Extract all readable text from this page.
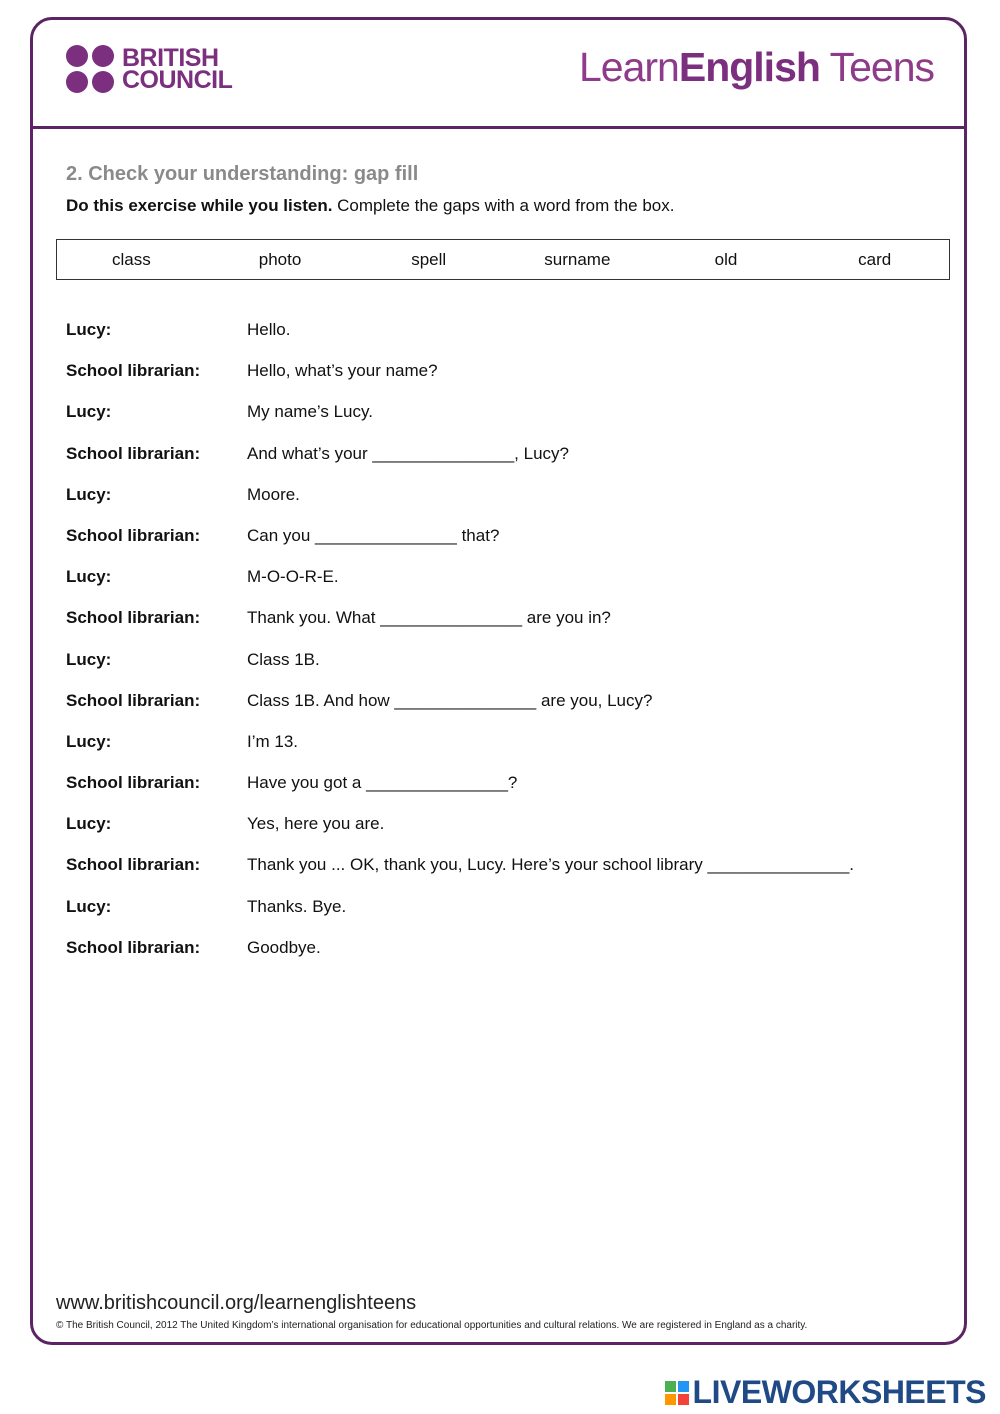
BRITISH
COUNCIL	LearnEnglish Teens
2. Check your understanding: gap fill
Do this exercise while you listen. Complete the gaps with a word from the box.
class	photo	spell	surname	old	card
Lucy:	Hello.
School librarian:	Hello, what’s your name?
Lucy:	My name’s Lucy.
School librarian:	And what’s your _______________, Lucy?
Lucy:	Moore.
School librarian:	Can you _______________ that?
Lucy:	M-O-O-R-E.
School librarian:	Thank you. What _______________ are you in?
Lucy:	Class 1B.
School librarian:	Class 1B. And how _______________ are you, Lucy?
Lucy:	I’m 13.
School librarian:	Have you got a _______________?
Lucy:	Yes, here you are.
School librarian:	Thank you ... OK, thank you, Lucy. Here’s your school library _______________.
Lucy:	Thanks. Bye.
School librarian:	Goodbye.
www.britishcouncil.org/learnenglishteens
© The British Council, 2012 The United Kingdom’s international organisation for educational opportunities and cultural relations. We are registered in England as a charity.
LIVEWORKSHEETS
